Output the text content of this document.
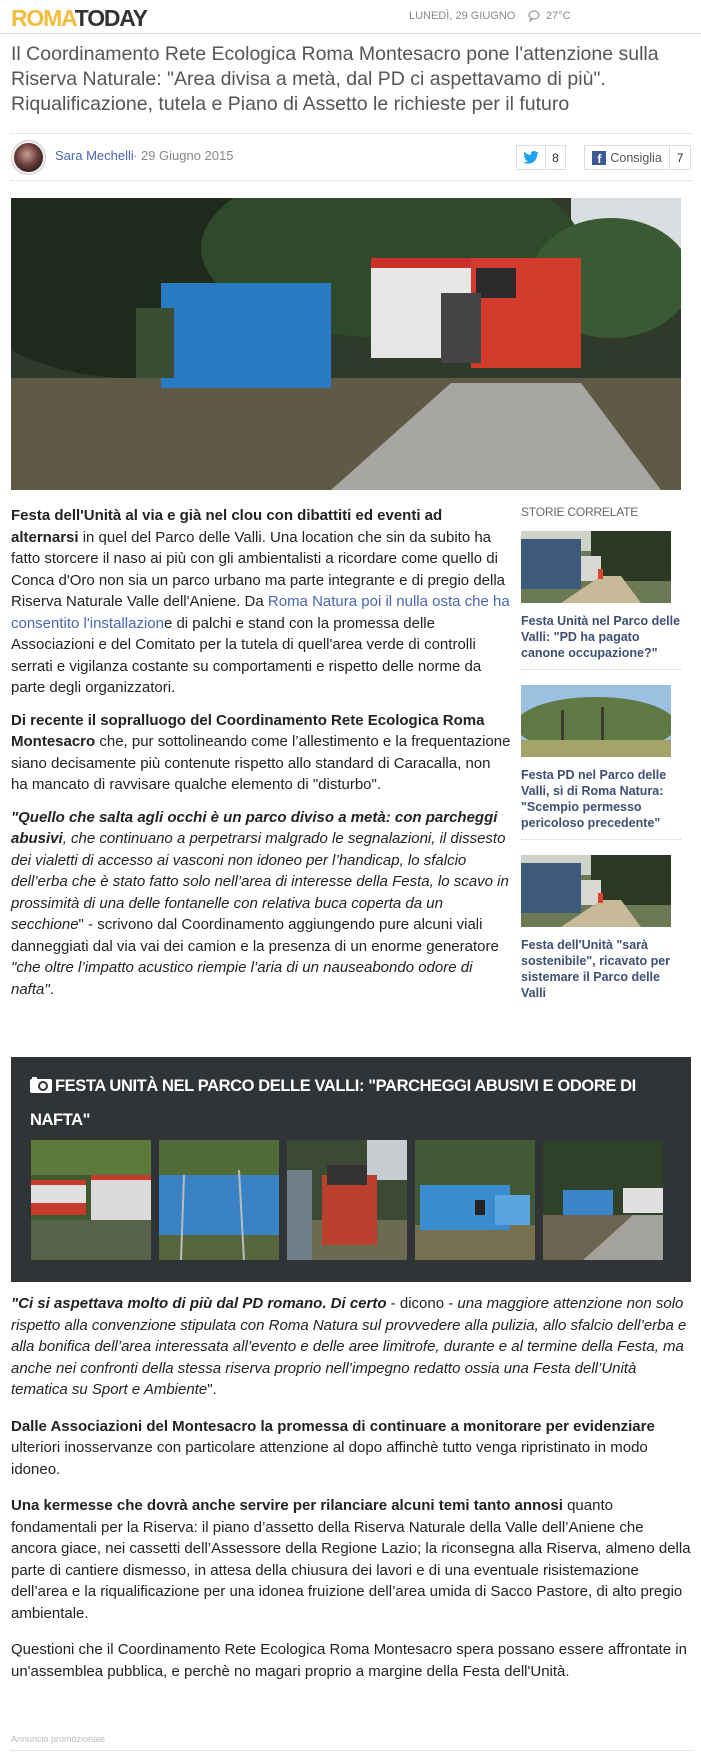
ROMATODAY	LUNEDÌ, 29 GIUGNO	27°C
Il Coordinamento Rete Ecologica Roma Montesacro pone l'attenzione sulla Riserva Naturale: "Area divisa a metà, dal PD ci aspettavamo di più". Riqualificazione, tutela e Piano di Assetto le richieste per il futuro
Sara Mechelli · 29 Giugno 2015	8	f Consiglia	7

Festa dell'Unità al via e già nel clou con dibattiti ed eventi ad alternarsi in quel del Parco delle Valli. Una location che sin da subito ha fatto storcere il naso ai più con gli ambientalisti a ricordare come quello di Conca d'Oro non sia un parco urbano ma parte integrante e di pregio della Riserva Naturale Valle dell'Aniene. Da Roma Natura poi il nulla osta che ha consentito l'installazione di palchi e stand con la promessa delle Associazioni e del Comitato per la tutela di quell'area verde di controlli serrati e vigilanza costante su comportamenti e rispetto delle norme da parte degli organizzatori.

Di recente il sopralluogo del Coordinamento Rete Ecologica Roma Montesacro che, pur sottolineando come l’allestimento e la frequentazione siano decisamente più contenute rispetto allo standard di Caracalla, non ha mancato di ravvisare qualche elemento di "disturbo".

"Quello che salta agli occhi è un parco diviso a metà: con parcheggi abusivi, che continuano a perpetrarsi malgrado le segnalazioni, il dissesto dei vialetti di accesso ai vasconi non idoneo per l’handicap, lo sfalcio dell’erba che è stato fatto solo nell’area di interesse della Festa, lo scavo in prossimità di una delle fontanelle con relativa buca coperta da un secchione" - scrivono dal Coordinamento aggiungendo pure alcuni viali danneggiati dal via vai dei camion e la presenza di un enorme generatore "che oltre l’impatto acustico riempie l’aria di un nauseabondo odore di nafta".

STORIE CORRELATE
Festa Unità nel Parco delle Valli: "PD ha pagato canone occupazione?"
Festa PD nel Parco delle Valli, sì di Roma Natura: "Scempio permesso pericoloso precedente"
Festa dell'Unità "sarà sostenibile", ricavato per sistemare il Parco delle Valli
FESTA UNITÀ NEL PARCO DELLE VALLI: "PARCHEGGI ABUSIVI E ODORE DI NAFTA"

"Ci si aspettava molto di più dal PD romano. Di certo - dicono - una maggiore attenzione non solo rispetto alla convenzione stipulata con Roma Natura sul provvedere alla pulizia, allo sfalcio dell’erba e alla bonifica dell’area interessata all’evento e delle aree limitrofe, durante e al termine della Festa, ma anche nei confronti della stessa riserva proprio nell’impegno redatto ossia una Festa dell’Unità tematica su Sport e Ambiente".

Dalle Associazioni del Montesacro la promessa di continuare a monitorare per evidenziare ulteriori inosservanze con particolare attenzione al dopo affinchè tutto venga ripristinato in modo idoneo.

Una kermesse che dovrà anche servire per rilanciare alcuni temi tanto annosi quanto fondamentali per la Riserva: il piano d’assetto della Riserva Naturale della Valle dell’Aniene che ancora giace, nei cassetti dell’Assessore della Regione Lazio; la riconsegna alla Riserva, almeno della parte di cantiere dismesso, in attesa della chiusura dei lavori e di una eventuale risistemazione dell’area e la riqualificazione per una idonea fruizione dell’area umida di Sacco Pastore, di alto pregio ambientale.

Questioni che il Coordinamento Rete Ecologica Roma Montesacro spera possano essere affrontate in un'assemblea pubblica, e perchè no magari proprio a margine della Festa dell'Unità.

Annuncio promozionale
